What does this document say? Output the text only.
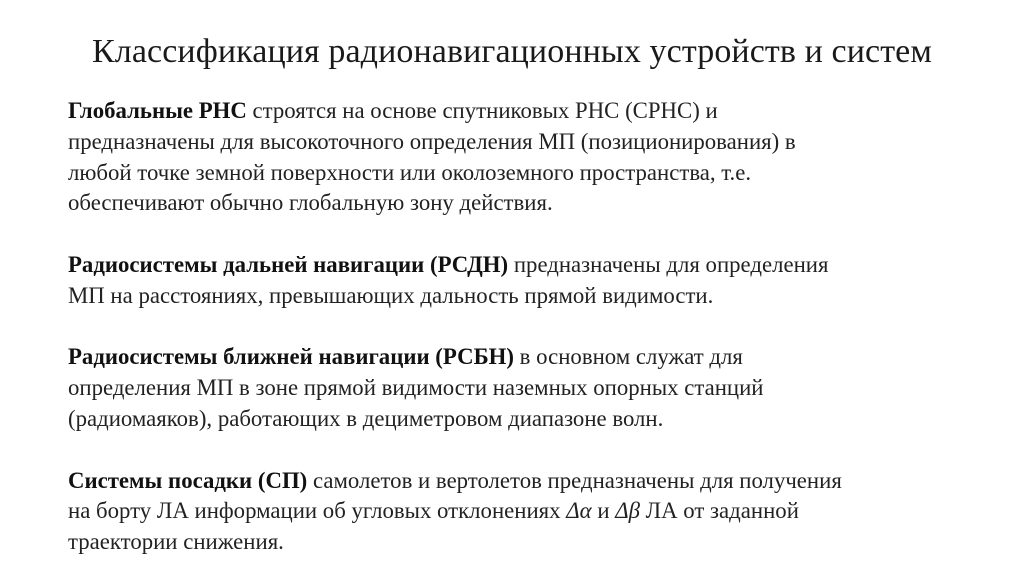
Классификация радионавигационных устройств и систем
Глобальные РНС строятся на основе спутниковых РНС (СРНС) и
предназначены для высокоточного определения МП (позиционирования) в
любой точке земной поверхности или околоземного пространства, т.е.
обеспечивают обычно глобальную зону действия.
Радиосистемы дальней навигации (РСДН) предназначены для определения
МП на расстояниях, превышающих дальность прямой видимости.
Радиосистемы ближней навигации (РСБН) в основном служат для
определения МП в зоне прямой видимости наземных опорных станций
(радиомаяков), работающих в дециметровом диапазоне волн.
Системы посадки (СП) самолетов и вертолетов предназначены для получения
на борту ЛА информации об угловых отклонениях Δα и Δβ ЛА от заданной
траектории снижения.
